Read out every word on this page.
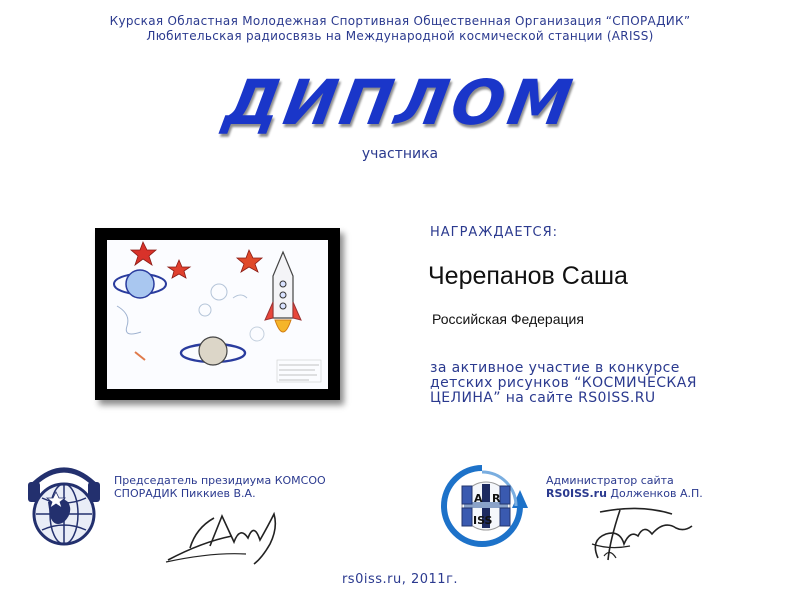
Курская Областная Молодежная Спортивная Общественная Организация “СПОРАДИК”
Любительская радиосвязь на Международной космической станции (ARISS)
ДИПЛОМ
участника
НАГРАЖДАЕТСЯ:
Черепанов Саша
Российская Федерация
за активное участие в конкурсе
детских рисунков “КОСМИЧЕСКАЯ
ЦЕЛИНА” на сайте RS0ISS.RU
Председатель президиума КОМСОО
СПОРАДИК Пиккиев В.А.	A R
ISS
Администратор сайта
RS0ISS.ru Долженков А.П.
rs0iss.ru, 2011г.
